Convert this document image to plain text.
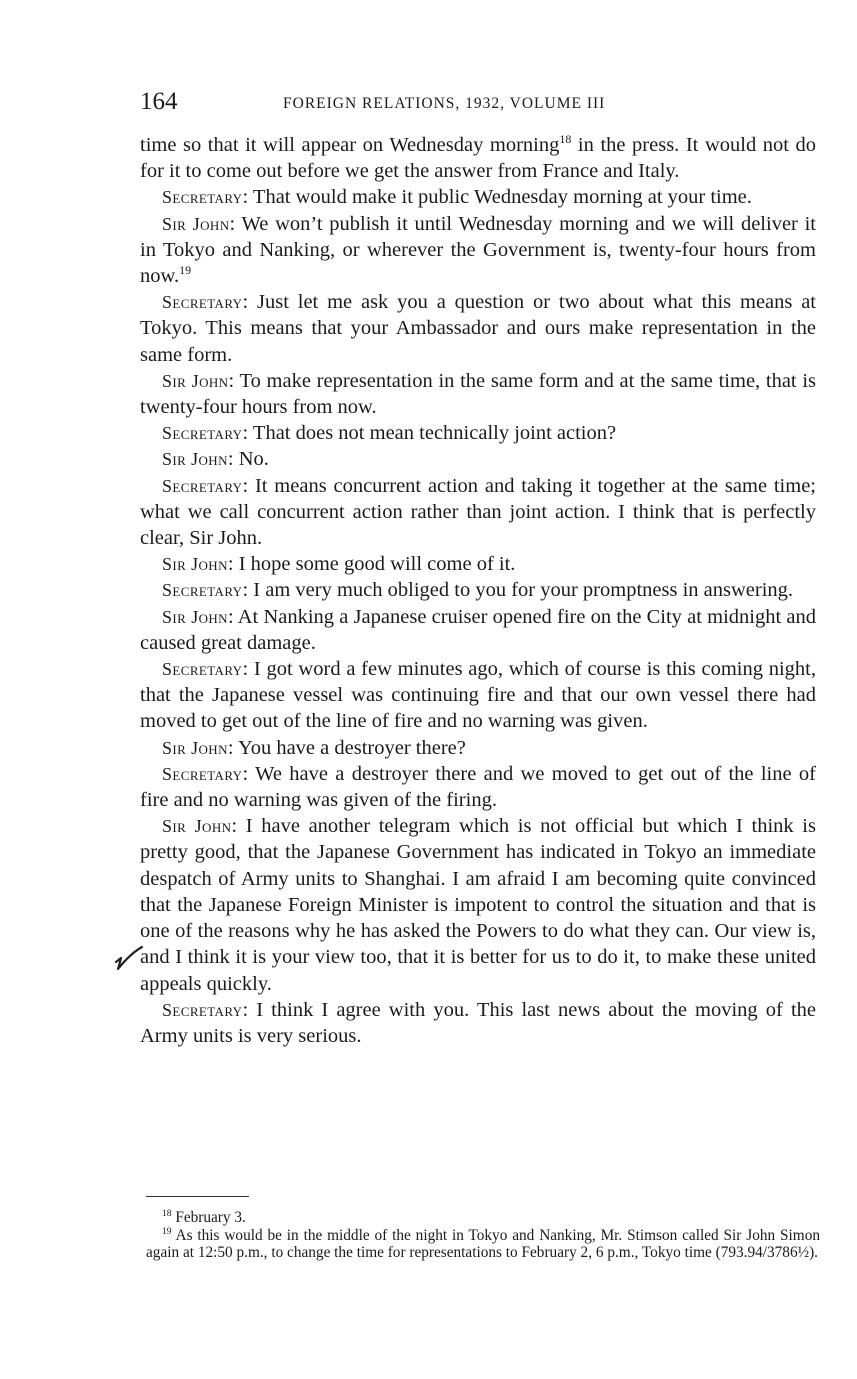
164	FOREIGN RELATIONS, 1932, VOLUME III

time so that it will appear on Wednesday morning$^{18}$ in the press. It would not do for it to come out before we get the answer from France and Italy.

Secretary: That would make it public Wednesday morning at your time.

Sir John: We won’t publish it until Wednesday morning and we will deliver it in Tokyo and Nanking, or wherever the Government is, twenty-four hours from now.$^{19}$

Secretary: Just let me ask you a question or two about what this means at Tokyo. This means that your Ambassador and ours make representation in the same form.

Sir John: To make representation in the same form and at the same time, that is twenty-four hours from now.

Secretary: That does not mean technically joint action?

Sir John: No.

Secretary: It means concurrent action and taking it together at the same time; what we call concurrent action rather than joint action. I think that is perfectly clear, Sir John.

Sir John: I hope some good will come of it.

Secretary: I am very much obliged to you for your promptness in answering.

Sir John: At Nanking a Japanese cruiser opened fire on the City at midnight and caused great damage.

Secretary: I got word a few minutes ago, which of course is this coming night, that the Japanese vessel was continuing fire and that our own vessel there had moved to get out of the line of fire and no warning was given.

Sir John: You have a destroyer there?

Secretary: We have a destroyer there and we moved to get out of the line of fire and no warning was given of the firing.

Sir John: I have another telegram which is not official but which I think is pretty good, that the Japanese Government has indicated in Tokyo an immediate despatch of Army units to Shanghai. I am afraid I am becoming quite convinced that the Japanese Foreign Minister is impotent to control the situation and that is one of the reasons why he has asked the Powers to do what they can. Our view is, and I think it is your view too, that it is better for us to do it, to make these united appeals quickly.

Secretary: I think I agree with you. This last news about the moving of the Army units is very serious.

$^{18}$ February 3.

$^{19}$ As this would be in the middle of the night in Tokyo and Nanking, Mr. Stimson called Sir John Simon again at 12:50 p.m., to change the time for representations to February 2, 6 p.m., Tokyo time (793.94/3786½).
